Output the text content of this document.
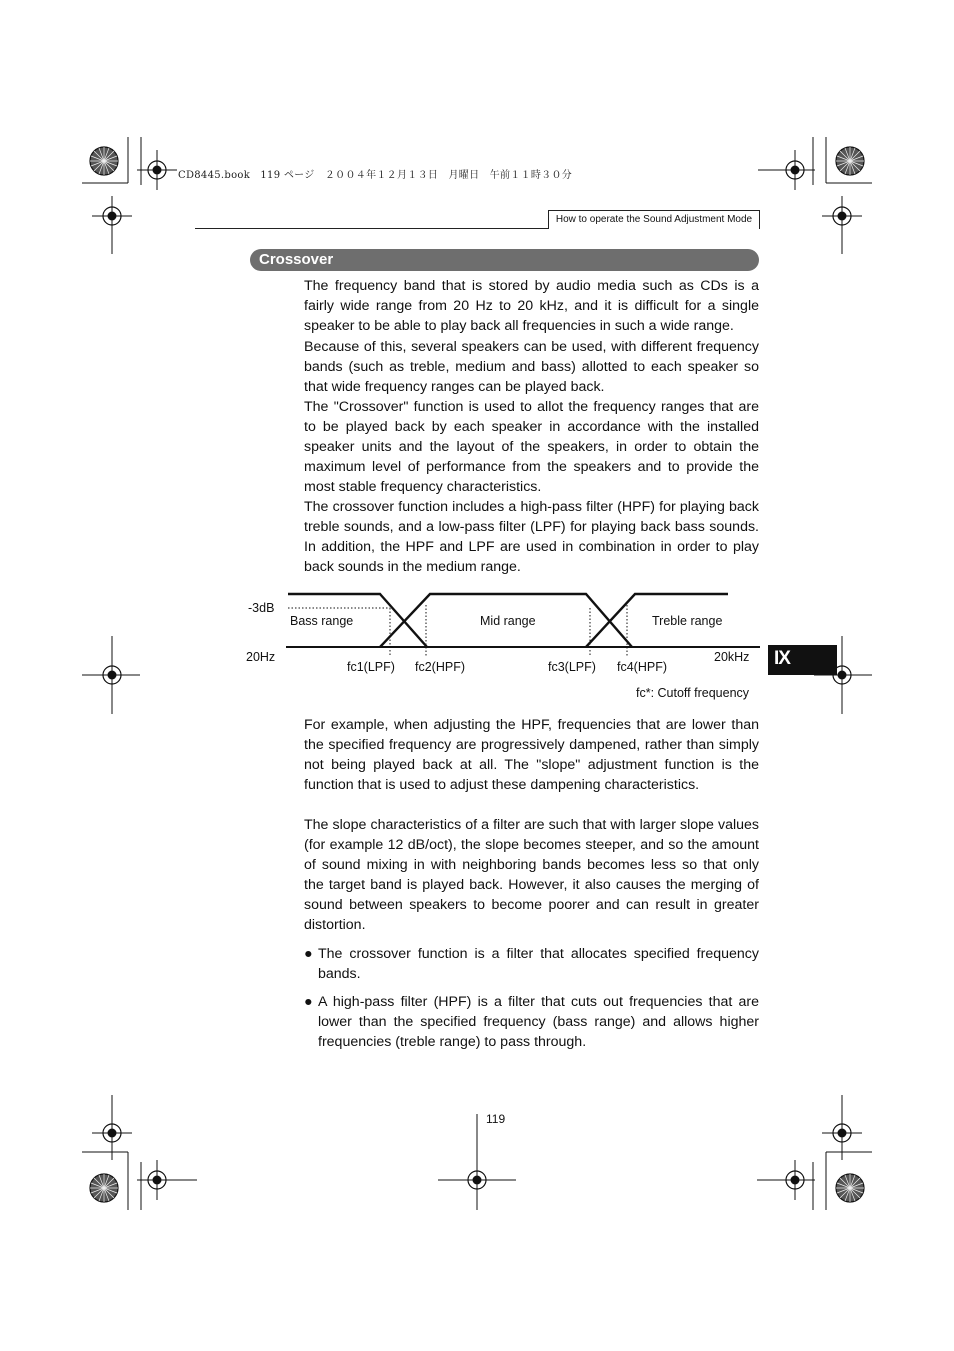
CD8445.book　119 ページ　２００４年１２月１３日　月曜日　午前１１時３０分
How to operate the Sound Adjustment Mode
Crossover

The frequency band that is stored by audio media such as CDs is a fairly wide range from 20 Hz to 20 kHz, and it is difficult for a single speaker to be able to play back all frequencies in such a wide range.

Because of this, several speakers can be used, with different frequency bands (such as treble, medium and bass) allotted to each speaker so that wide frequency ranges can be played back.

The "Crossover" function is used to allot the frequency ranges that are to be played back by each speaker in accordance with the installed speaker units and the layout of the speakers, in order to obtain the maximum level of performance from the speakers and to provide the most stable frequency characteristics.

The crossover function includes a high-pass filter (HPF) for playing back treble sounds, and a low-pass filter (LPF) for playing back bass sounds. In addition, the HPF and LPF are used in combination in order to play back sounds in the medium range.

-3dB
Bass range	Mid range	Treble range
20Hz	20kHz
fc1(LPF) fc2(HPF)	fc3(LPF) fc4(HPF)
fc*: Cutoff frequency
IX

For example, when adjusting the HPF, frequencies that are lower than the specified frequency are progressively dampened, rather than simply not being played back at all. The "slope" adjustment function is the function that is used to adjust these dampening characteristics.

The slope characteristics of a filter are such that with larger slope values (for example 12 dB/oct), the slope becomes steeper, and so the amount of sound mixing in with neighboring bands becomes less so that only the target band is played back. However, it also causes the merging of sound between speakers to become poorer and can result in greater distortion.

● The crossover function is a filter that allocates specified frequency bands.
● A high-pass filter (HPF) is a filter that cuts out frequencies that are lower than the specified frequency (bass range) and allows higher frequencies (treble range) to pass through.
119
